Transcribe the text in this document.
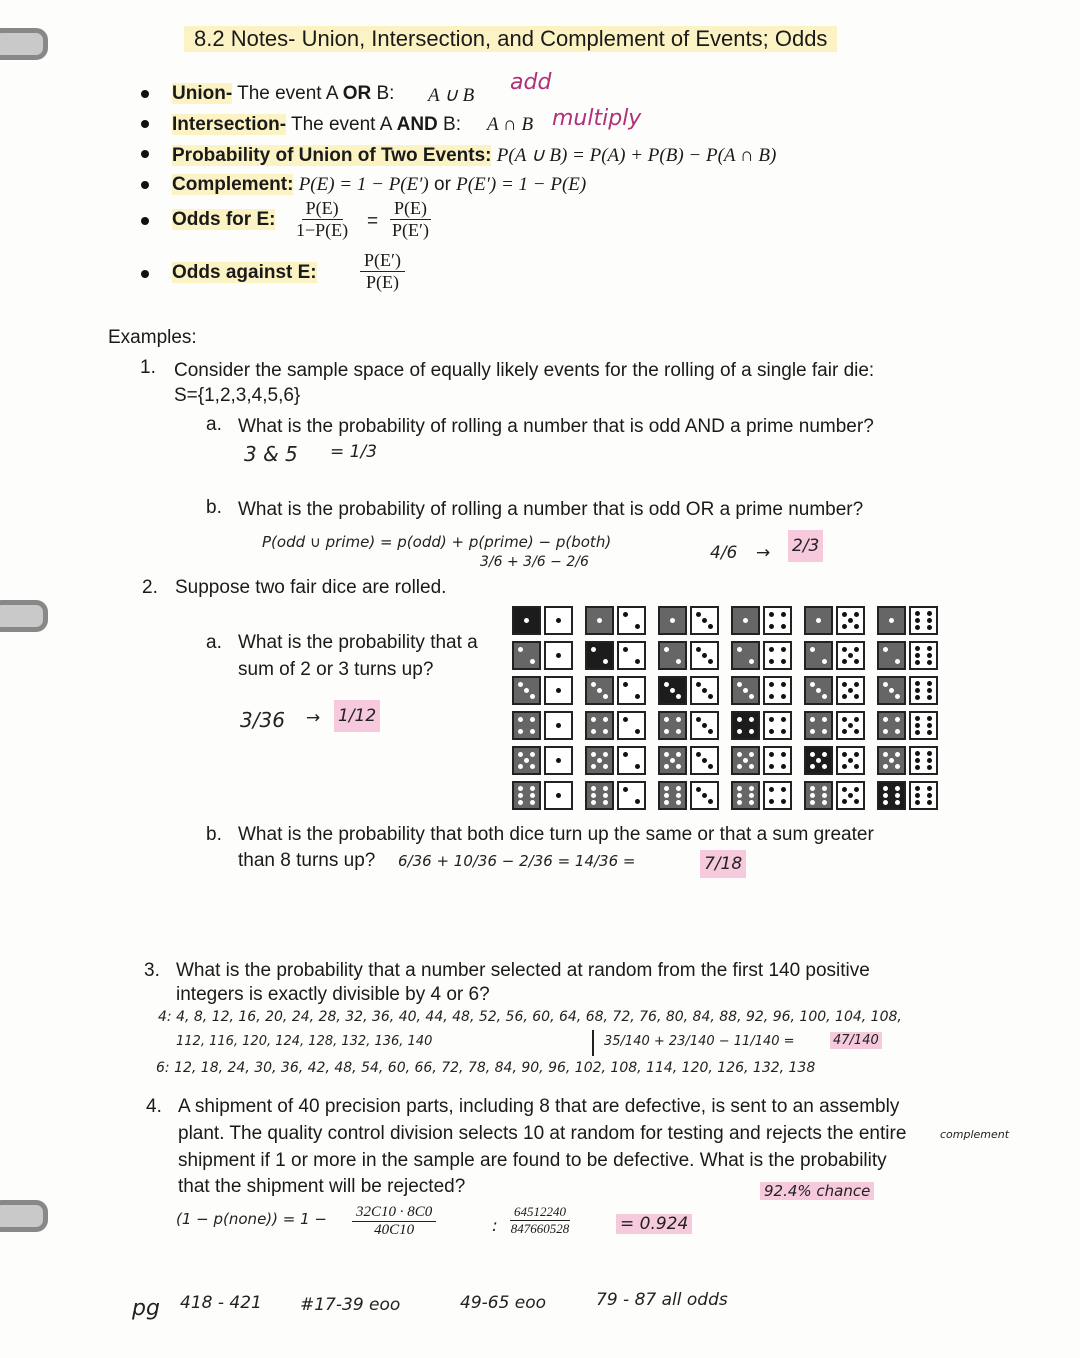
8.2 Notes- Union, Intersection, and Complement of Events; Odds
Union- The event A OR B: A ∪ B
add
Intersection- The event A AND B: A ∩ B multiply
Probability of Union of Two Events: P(A ∪ B) = P(A) + P(B) − P(A ∩ B)
Complement: P(E) = 1 − P(E′) or P(E′) = 1 − P(E)
Odds for E: $\frac{P(E)}{1-P(E)} = \frac{P(E)}{P(E')}$
Odds against E: $\frac{P(E')}{P(E)}$
Examples:
1. Consider the sample space of equally likely events for the rolling of a single fair die:
S={1,2,3,4,5,6}
a. What is the probability of rolling a number that is odd AND a prime number?
3 & 5 = 1/3
b. What is the probability of rolling a number that is odd OR a prime number?
P(odd ∪ prime) = p(odd) + p(prime) − p(both)
3/6 + 3/6 − 2/6	4/6 → 2/3
2. Suppose two fair dice are rolled.
a. What is the probability that a
sum of 2 or 3 turns up?
3/36 → 1/12
b. What is the probability that both dice turn up the same or that a sum greater
than 8 turns up? 6/36 + 10/36 − 2/36 = 14/36 =	7/18
3. What is the probability that a number selected at random from the first 140 positive
integers is exactly divisible by 4 or 6?
4: 4, 8, 12, 16, 20, 24, 28, 32, 36, 40, 44, 48, 52, 56, 60, 64, 68, 72, 76, 80, 84, 88, 92, 96, 100, 104, 108,
112, 116, 120, 124, 128, 132, 136, 140
6: 12, 18, 24, 30, 36, 42, 48, 54, 60, 66, 72, 78, 84, 90, 96, 102, 108, 114, 120, 126, 132, 138
35/140 + 23/140 − 11/140 =	47/140
4. A shipment of 40 precision parts, including 8 that are defective, is sent to an assembly
plant. The quality control division selects 10 at random for testing and rejects the entire	complement
shipment if 1 or more in the sample are found to be defective. What is the probability
that the shipment will be rejected?	92.4% chance
(1 − p(none)) = $1 - \frac{32C10 \cdot 8C0}{40C10}$	: $\frac{64512240}{847660528}$	= 0.924
pg 418 - 421 #17-39 eoo	49-65 eoo	79 - 87 all odds
